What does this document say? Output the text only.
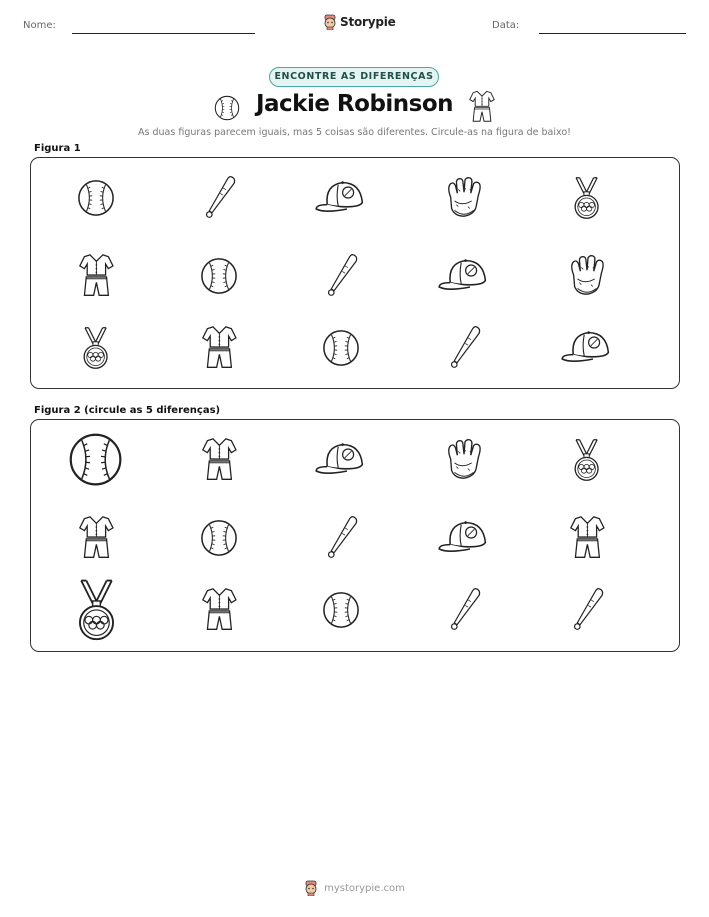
Nome:	Storypie	Data:
ENCONTRE AS DIFERENÇAS
Jackie Robinson
As duas figuras parecem iguais, mas 5 coisas são diferentes. Circule-as na figura de baixo!
Figura 1
Figura 2 (circule as 5 diferenças)
mystorypie.com
